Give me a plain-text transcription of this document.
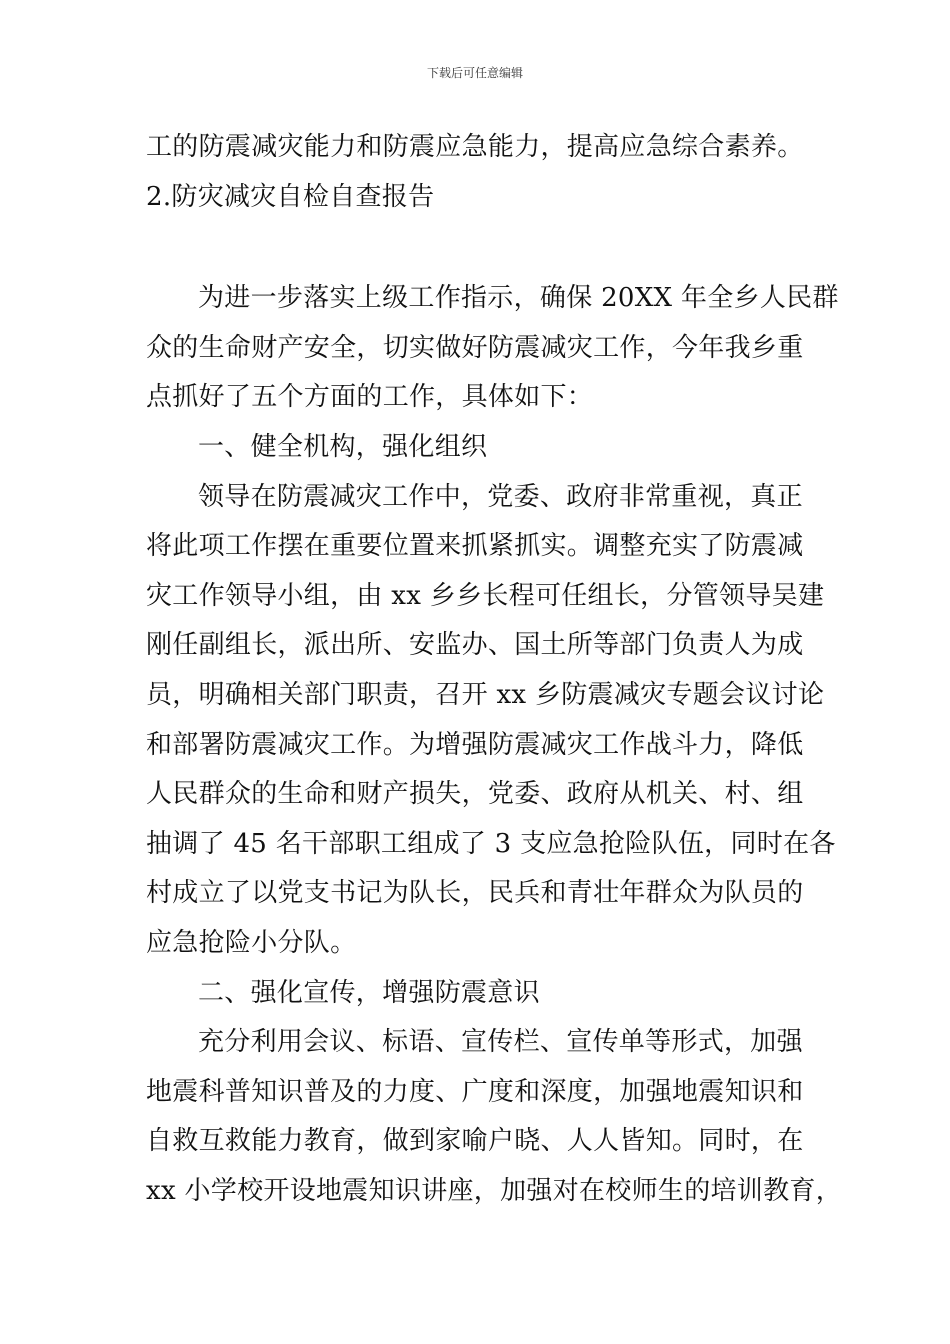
下载后可任意编辑
工的防震减灾能力和防震应急能力，提高应急综合素养。
2.防灾减灾自检自查报告
为进一步落实上级工作指示，确保 20XX 年全乡人民群
众的生命财产安全，切实做好防震减灾工作，今年我乡重
点抓好了五个方面的工作，具体如下：
一、健全机构，强化组织
领导在防震减灾工作中，党委、政府非常重视，真正
将此项工作摆在重要位置来抓紧抓实。调整充实了防震减
灾工作领导小组，由 xx 乡乡长程可任组长，分管领导吴建
刚任副组长，派出所、安监办、国土所等部门负责人为成
员，明确相关部门职责，召开 xx 乡防震减灾专题会议讨论
和部署防震减灾工作。为增强防震减灾工作战斗力，降低
人民群众的生命和财产损失，党委、政府从机关、村、组
抽调了 45 名干部职工组成了 3 支应急抢险队伍，同时在各
村成立了以党支书记为队长，民兵和青壮年群众为队员的
应急抢险小分队。
二、强化宣传，增强防震意识
充分利用会议、标语、宣传栏、宣传单等形式，加强
地震科普知识普及的力度、广度和深度，加强地震知识和
自救互救能力教育，做到家喻户晓、人人皆知。同时，在
xx 小学校开设地震知识讲座，加强对在校师生的培训教育，
